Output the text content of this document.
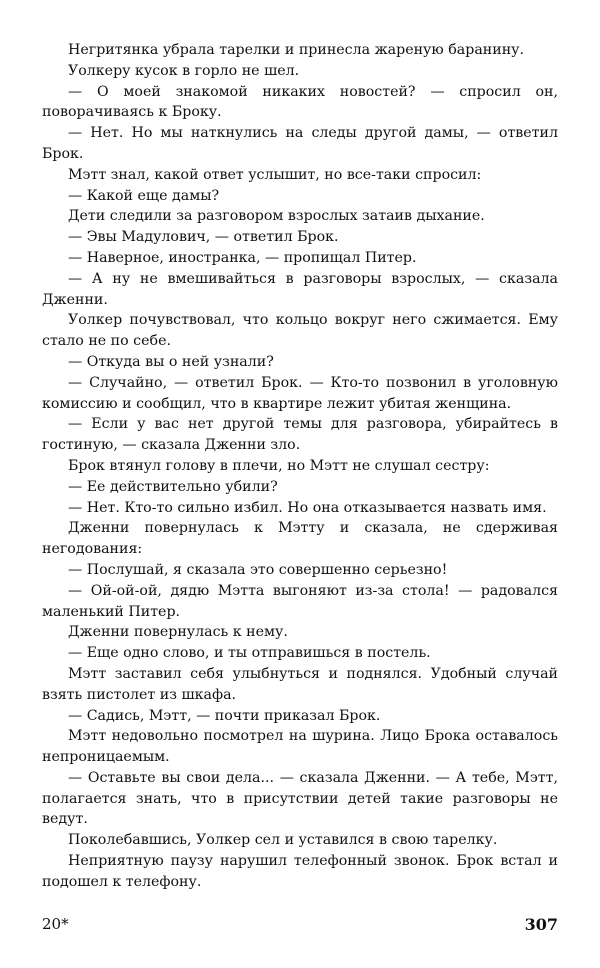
Негритянка убрала тарелки и принесла жареную баранину.

Уолкеру кусок в горло не шел.

— О моей знакомой никаких новостей? — спросил он, поворачиваясь к Броку.

— Нет. Но мы наткнулись на следы другой дамы, — ответил Брок.

Мэтт знал, какой ответ услышит, но все-таки спросил:

— Какой еще дамы?

Дети следили за разговором взрослых затаив дыхание.

— Эвы Мадулович, — ответил Брок.

— Наверное, иностранка, — пропищал Питер.

— А ну не вмешивайться в разговоры взрослых, — сказала Дженни.

Уолкер почувствовал, что кольцо вокруг него сжимается. Ему стало не по себе.

— Откуда вы о ней узнали?

— Случайно, — ответил Брок. — Кто-то позвонил в уголовную комиссию и сообщил, что в квартире лежит убитая женщина.

— Если у вас нет другой темы для разговора, убирайтесь в гостиную, — сказала Дженни зло.

Брок втянул голову в плечи, но Мэтт не слушал сестру:

— Ее действительно убили?

— Нет. Кто-то сильно избил. Но она отказывается назвать имя.

Дженни повернулась к Мэтту и сказала, не сдерживая негодования:

— Послушай, я сказала это совершенно серьезно!

— Ой-ой-ой, дядю Мэтта выгоняют из-за стола! — радовался маленький Питер.

Дженни повернулась к нему.

— Еще одно слово, и ты отправишься в постель.

Мэтт заставил себя улыбнуться и поднялся. Удобный случай взять пистолет из шкафа.

— Садись, Мэтт, — почти приказал Брок.

Мэтт недовольно посмотрел на шурина. Лицо Брока оставалось непроницаемым.

— Оставьте вы свои дела... — сказала Дженни. — А тебе, Мэтт, полагается знать, что в присутствии детей такие разговоры не ведут.

Поколебавшись, Уолкер сел и уставился в свою тарелку.

Неприятную паузу нарушил телефонный звонок. Брок встал и подошел к телефону.

20*	307
